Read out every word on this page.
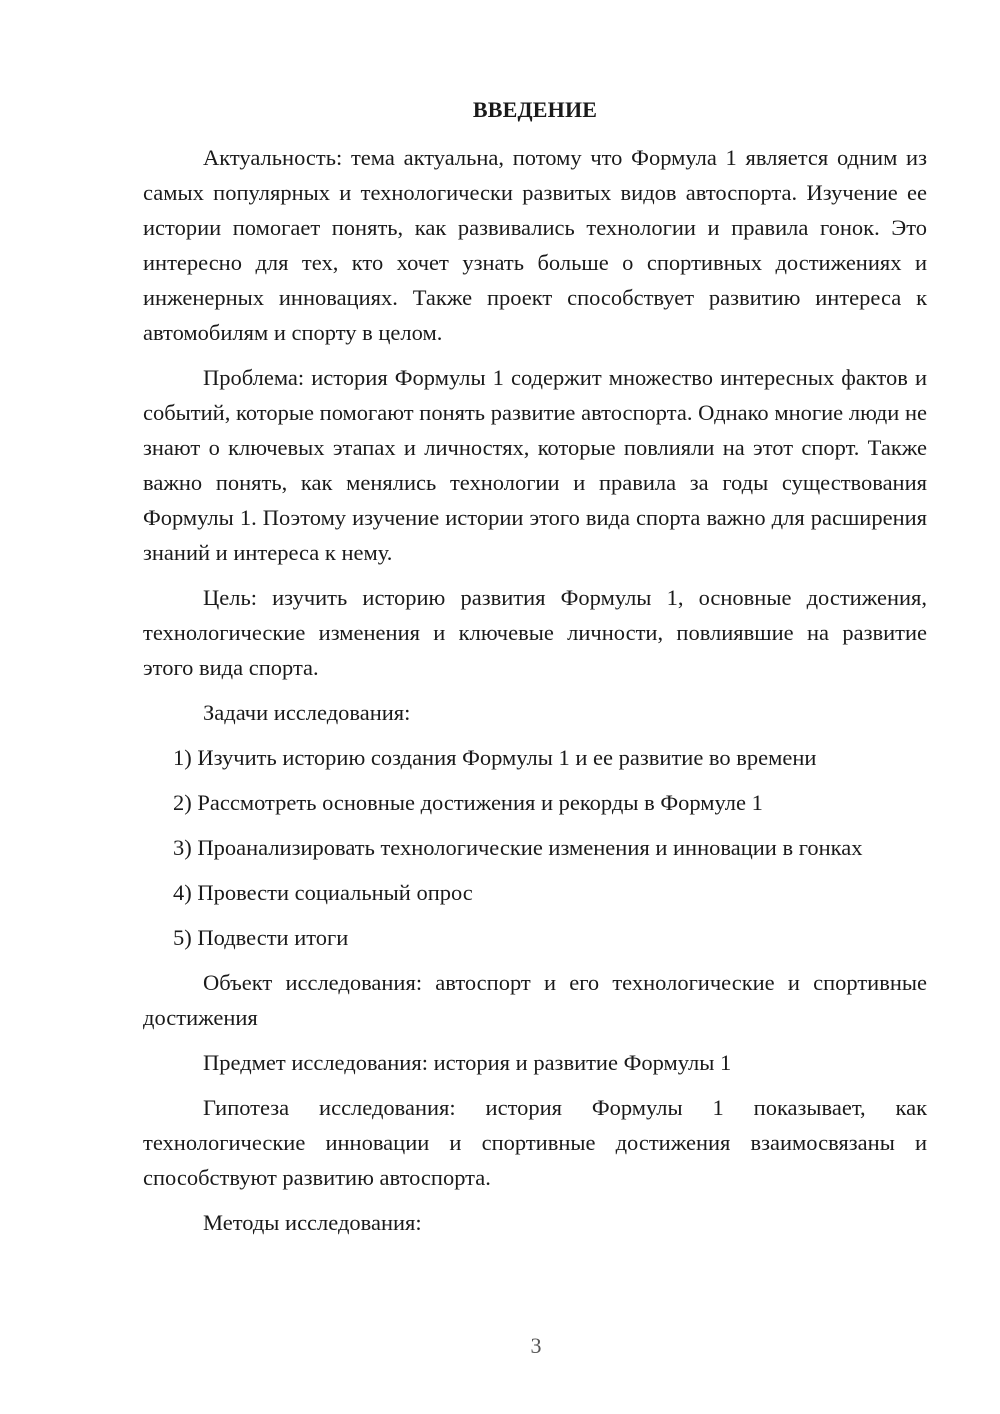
ВВЕДЕНИЕ

Актуальность: тема актуальна, потому что Формула 1 является одним из самых популярных и технологически развитых видов автоспорта. Изучение ее истории помогает понять, как развивались технологии и правила гонок. Это интересно для тех, кто хочет узнать больше о спортивных достижениях и инженерных инновациях. Также проект способствует развитию интереса к автомобилям и спорту в целом.

Проблема: история Формулы 1 содержит множество интересных фактов и событий, которые помогают понять развитие автоспорта. Однако многие люди не знают о ключевых этапах и личностях, которые повлияли на этот спорт. Также важно понять, как менялись технологии и правила за годы существования Формулы 1. Поэтому изучение истории этого вида спорта важно для расширения знаний и интереса к нему.

Цель: изучить историю развития Формулы 1, основные достижения, технологические изменения и ключевые личности, повлиявшие на развитие этого вида спорта.

Задачи исследования:

1) Изучить историю создания Формулы 1 и ее развитие во времени

2) Рассмотреть основные достижения и рекорды в Формуле 1

3) Проанализировать технологические изменения и инновации в гонках

4) Провести социальный опрос

5) Подвести итоги

Объект исследования: автоспорт и его технологические и спортивные достижения

Предмет исследования: история и развитие Формулы 1

Гипотеза исследования: история Формулы 1 показывает, как технологические инновации и спортивные достижения взаимосвязаны и способствуют развитию автоспорта.

Методы исследования:

3
